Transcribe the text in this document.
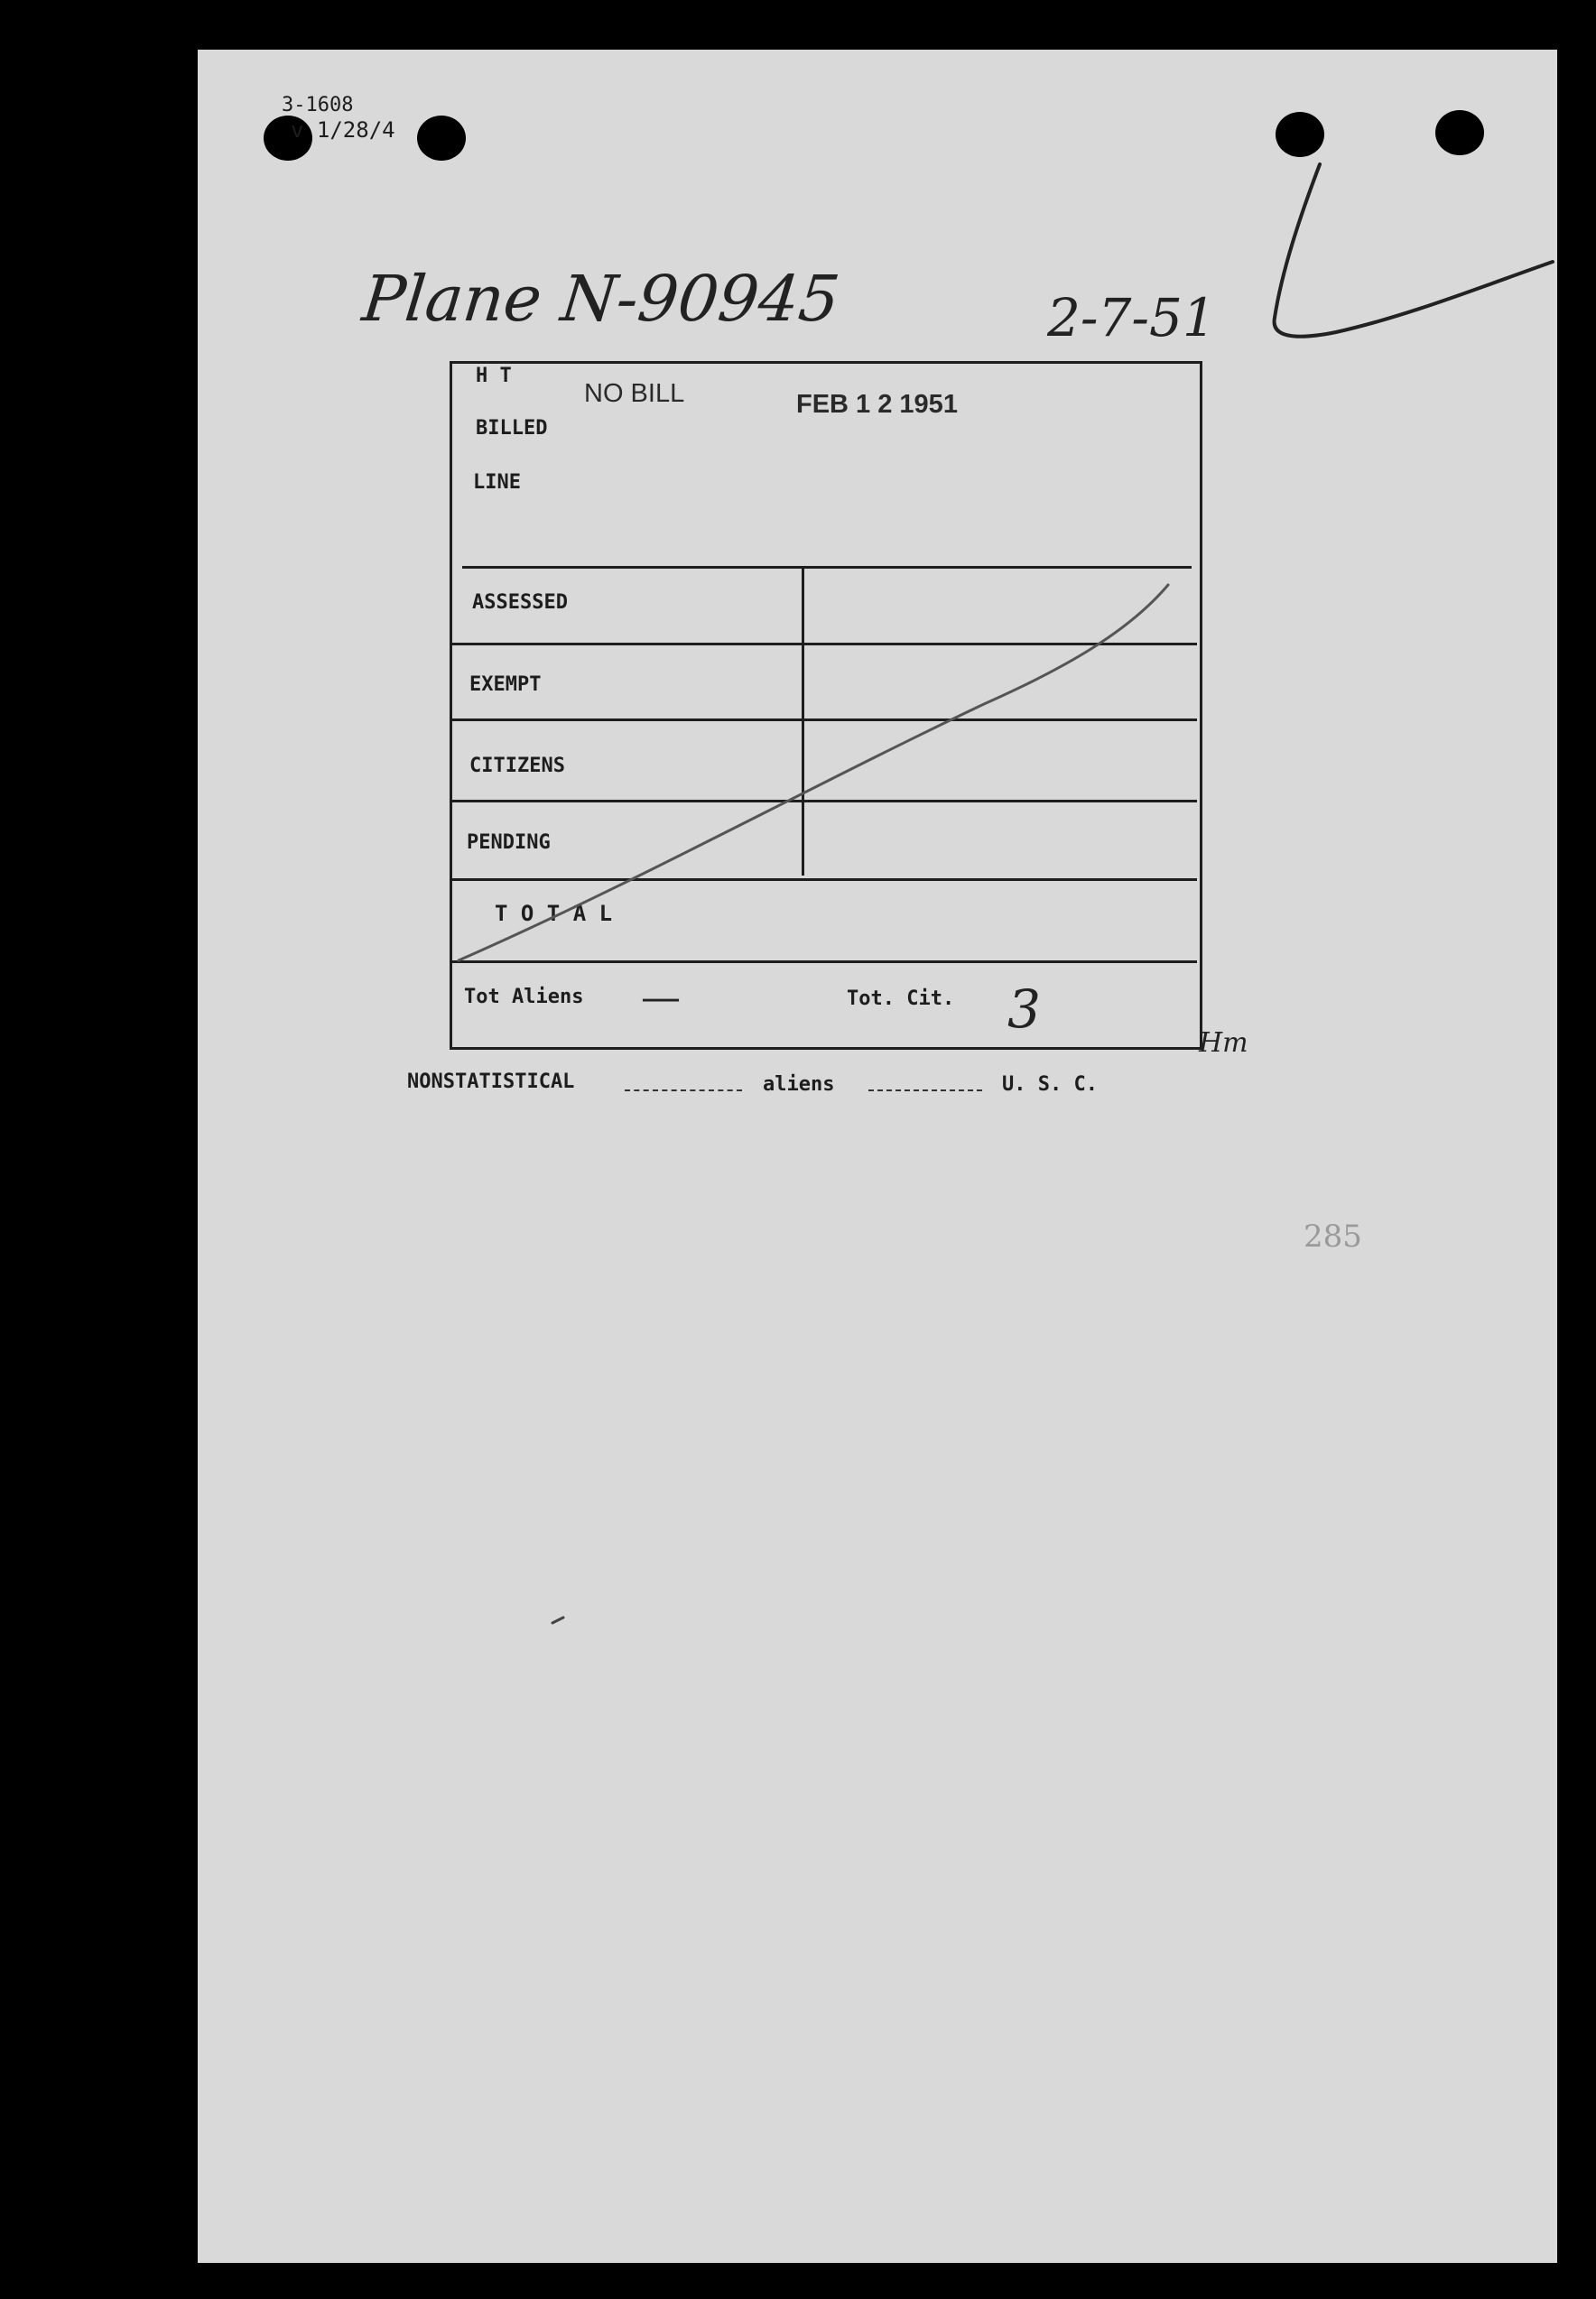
3-1608
v 1/28/4
Plane N-90945	2-7-51
H T
NO BILL	FEB 1 2 1951
BILLED
LINE
ASSESSED
EXEMPT
CITIZENS
PENDING
T O T A L
Tot Aliens —	Tot. Cit. 3
Hm
NONSTATISTICAL	aliens	U. S. C.
285
